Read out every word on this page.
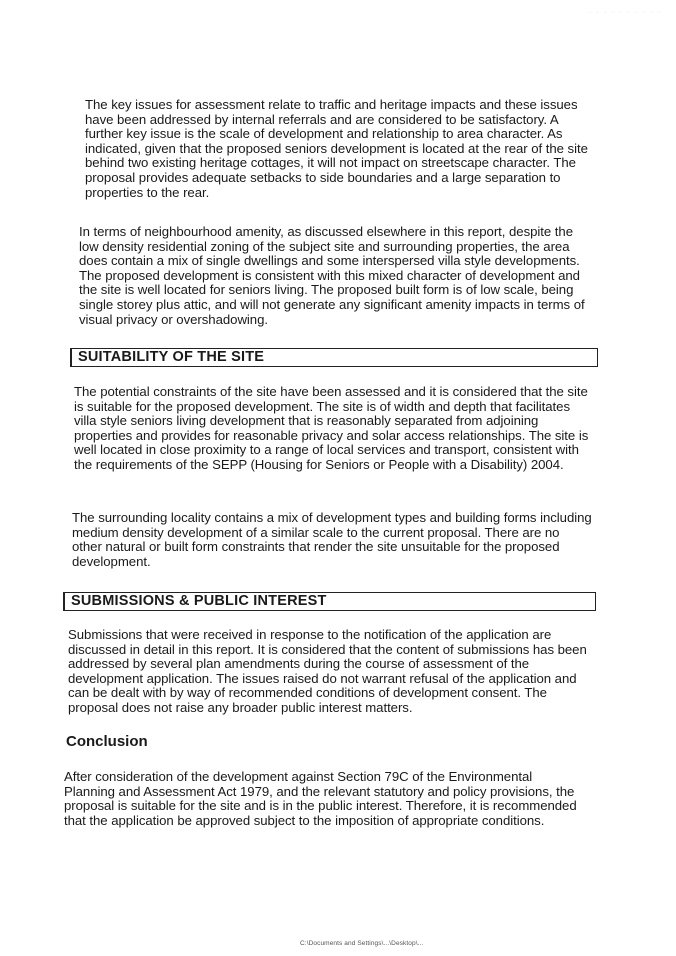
· · · · · · · · · ·

The key issues for assessment relate to traffic and heritage impacts and these issues have been addressed by internal referrals and are considered to be satisfactory. A further key issue is the scale of development and relationship to area character. As indicated, given that the proposed seniors development is located at the rear of the site behind two existing heritage cottages, it will not impact on streetscape character. The proposal provides adequate setbacks to side boundaries and a large separation to properties to the rear.

In terms of neighbourhood amenity, as discussed elsewhere in this report, despite the low density residential zoning of the subject site and surrounding properties, the area does contain a mix of single dwellings and some interspersed villa style developments. The proposed development is consistent with this mixed character of development and the site is well located for seniors living. The proposed built form is of low scale, being single storey plus attic, and will not generate any significant amenity impacts in terms of visual privacy or overshadowing.

SUITABILITY OF THE SITE

The potential constraints of the site have been assessed and it is considered that the site is suitable for the proposed development. The site is of width and depth that facilitates villa style seniors living development that is reasonably separated from adjoining properties and provides for reasonable privacy and solar access relationships. The site is well located in close proximity to a range of local services and transport, consistent with the requirements of the SEPP (Housing for Seniors or People with a Disability) 2004.

The surrounding locality contains a mix of development types and building forms including medium density development of a similar scale to the current proposal. There are no other natural or built form constraints that render the site unsuitable for the proposed development.

SUBMISSIONS & PUBLIC INTEREST

Submissions that were received in response to the notification of the application are discussed in detail in this report. It is considered that the content of submissions has been addressed by several plan amendments during the course of assessment of the development application. The issues raised do not warrant refusal of the application and can be dealt with by way of recommended conditions of development consent. The proposal does not raise any broader public interest matters.

Conclusion

After consideration of the development against Section 79C of the Environmental Planning and Assessment Act 1979, and the relevant statutory and policy provisions, the proposal is suitable for the site and is in the public interest. Therefore, it is recommended that the application be approved subject to the imposition of appropriate conditions.

C:\Documents and Settings\...\Desktop\...
